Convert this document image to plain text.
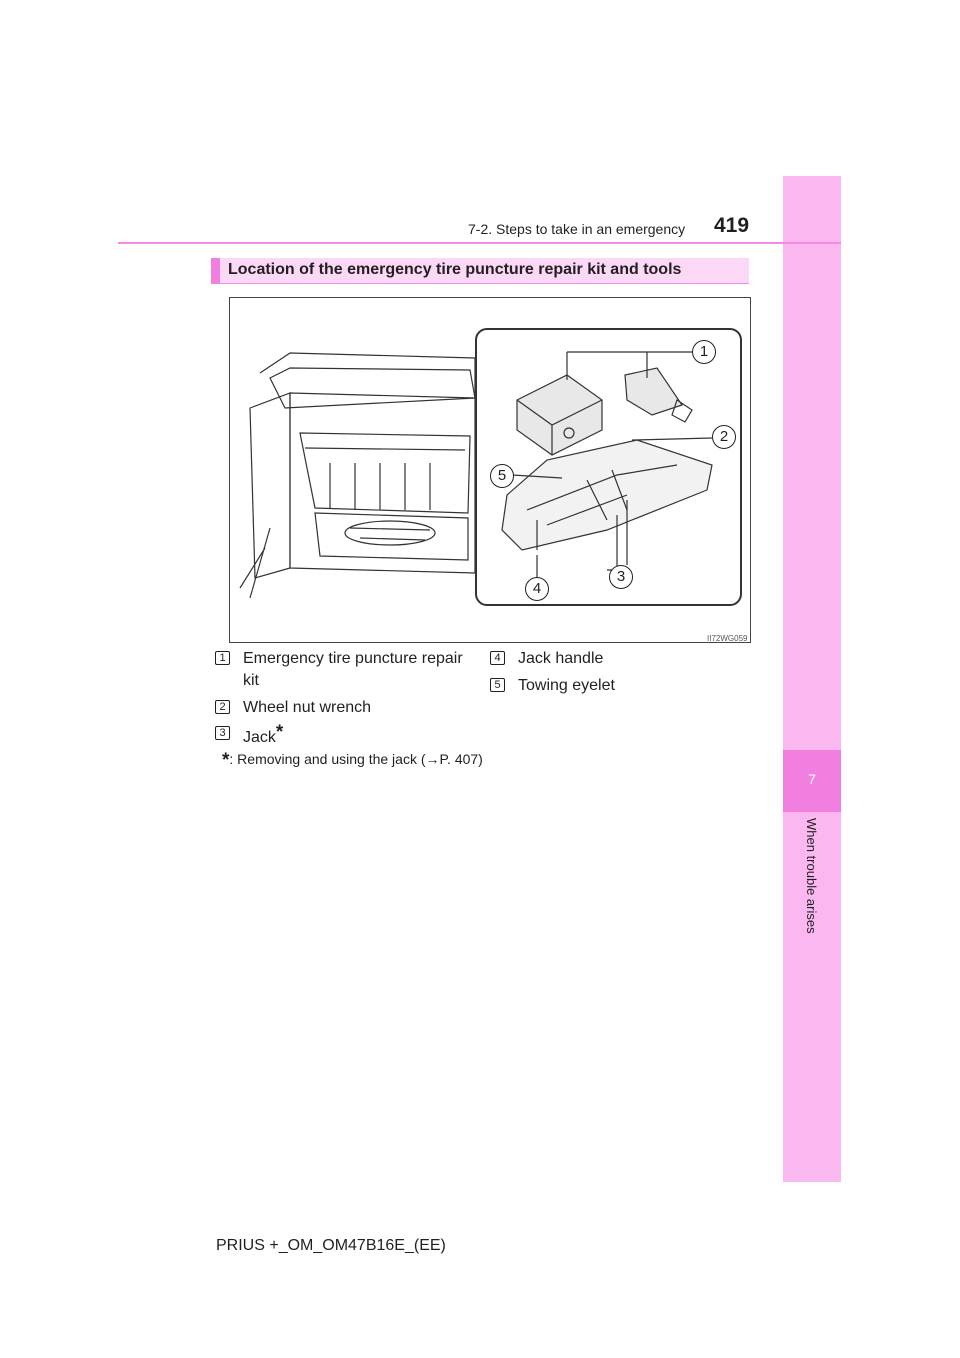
7
When trouble arises
7-2. Steps to take in an emergency 419
Location of the emergency tire puncture repair kit and tools
II72WG059
1
2
5
4
3
1 Emergency tire puncture repair kit
2 Wheel nut wrench
3 Jack*
4 Jack handle
5 Towing eyelet
*: Removing and using the jack (→P. 407)
PRIUS +_OM_OM47B16E_(EE)
